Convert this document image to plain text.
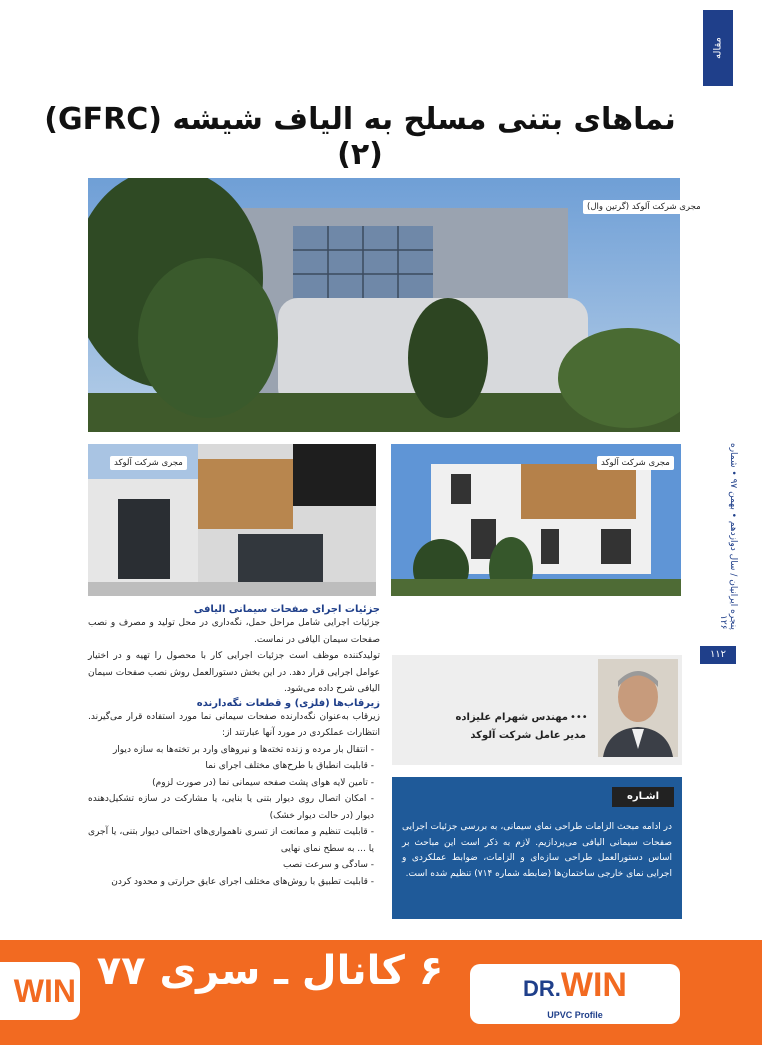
مقاله
نماهای بتنی مسلح به الیاف شیشه (GFRC) (۲)
مجری شرکت آلوکد (گرتین وال)
مجری شرکت آلوکد	مجری شرکت آلوکد	پنجره ایرانیان / سال دوازدهم • بهمن ۹۷ • شماره ۱۲۶
۱۱۲
جزئیات اجرای صفحات سیمانی الیافی
جزئیات اجرایی شامل مراحل حمل، نگه‌داری در محل تولید و مصرف و نصب صفحات سیمان الیافی در نماست.
تولیدکننده موظف است جزئیات اجرایی کار با محصول را تهیه و در اختیار عوامل اجرایی قرار دهد. در این بخش دستورالعمل روش نصب صفحات سیمان الیافی شرح داده می‌شود.
زیرقاب‌ها (فلزی) و قطعات نگه‌دارنده
زیرقاب به‌عنوان نگه‌دارنده صفحات سیمانی نما مورد استفاده قرار می‌گیرند. انتظارات عملکردی در مورد آنها عبارتند از:
- انتقال بار مرده و زنده تخته‌ها و نیروهای وارد بر تخته‌ها به سازه دیوار
- قابلیت انطباق با طرح‌های مختلف اجرای نما
- تامین لایه هوای پشت صفحه سیمانی نما (در صورت لزوم)
- امکان اتصال روی دیوار بتنی یا بنایی، یا مشارکت در سازه تشکیل‌دهنده دیوار (در حالت دیوار خشک)
- قابلیت تنظیم و ممانعت از تسری ناهمواری‌های احتمالی دیوار بتنی، یا آجری یا ... به سطح نمای نهایی
- سادگی و سرعت نصب
- قابلیت تطبیق با روش‌های مختلف اجرای عایق حرارتی و محدود کردن
•••
مهندس شهرام علیزاده
مدیر عامل شرکت آلوکد
اشـاره
در ادامه مبحث الزامات طراحی نمای سیمانی، به بررسی جزئیات اجرایی صفحات سیمانی الیافی می‌پردازیم. لازم به ذکر است این مباحث بر اساس دستورالعمل طراحی سازه‌ای و الزامات، ضوابط عملکردی و اجرایی نمای خارجی ساختمان‌ها (ضابطه شماره ۷۱۴) تنظیم شده است.
۶ کانال ـ سری ۷۷	DR.WIN
UPVC Profile
WIN
